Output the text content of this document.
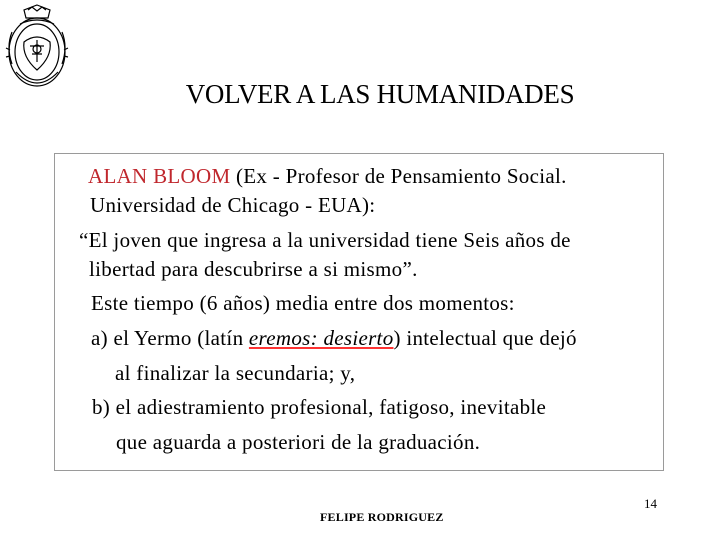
VOLVER A LAS HUMANIDADES
ALAN BLOOM (Ex - Profesor de Pensamiento Social.
Universidad de Chicago - EUA):
“El joven que ingresa a la universidad tiene Seis años de
libertad para descubrirse a si mismo”.
Este tiempo (6 años) media entre dos momentos:
a) el Yermo (latín eremos: desierto) intelectual que dejó
al finalizar la secundaria; y,
b) el adiestramiento profesional, fatigoso, inevitable
que aguarda a posteriori de la graduación.
14
FELIPE RODRIGUEZ
